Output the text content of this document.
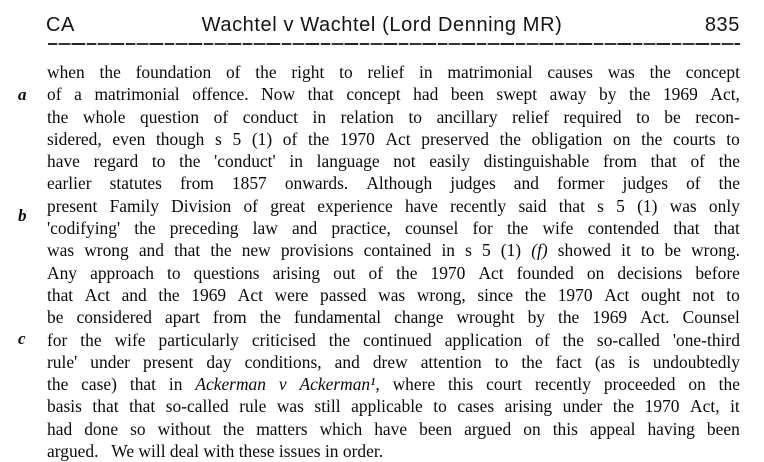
CA	Wachtel v Wachtel (Lord Denning MR)	835
a
b
c
when the foundation of the right to relief in matrimonial causes was the concept
of a matrimonial offence. Now that concept had been swept away by the 1969 Act,
the whole question of conduct in relation to ancillary relief required to be recon-
sidered, even though s 5 (1) of the 1970 Act preserved the obligation on the courts to
have regard to the 'conduct' in language not easily distinguishable from that of the
earlier statutes from 1857 onwards. Although judges and former judges of the
present Family Division of great experience have recently said that s 5 (1) was only
'codifying' the preceding law and practice, counsel for the wife contended that that
was wrong and that the new provisions contained in s 5 (1) (f) showed it to be wrong.
Any approach to questions arising out of the 1970 Act founded on decisions before
that Act and the 1969 Act were passed was wrong, since the 1970 Act ought not to
be considered apart from the fundamental change wrought by the 1969 Act. Counsel
for the wife particularly criticised the continued application of the so-called 'one-third
rule' under present day conditions, and drew attention to the fact (as is undoubtedly
the case) that in Ackerman v Ackerman¹, where this court recently proceeded on the
basis that that so-called rule was still applicable to cases arising under the 1970 Act, it
had done so without the matters which have been argued on this appeal having been
argued.   We will deal with these issues in order.
